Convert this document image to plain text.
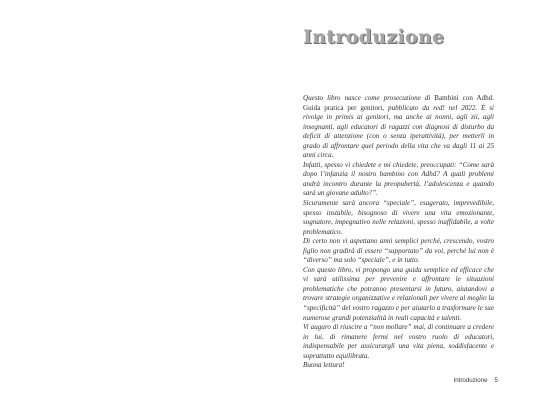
Introduzione

Questo libro nasce come prosecuzione di Bambini con Adhd. Guida pratica per genitori, pubblicato da red! nel 2022. È si rivolge in primis ai genitori, ma anche ai nonni, agli zii, agli insegnanti, agli educatori di ragazzi con diagnosi di disturbo da deficit di attenzione (con o senza iperattività), per metterli in grado di affrontare quel periodo della vita che va dagli 11 ai 25 anni circa.

Infatti, spesso vi chiedete e mi chiedete, preoccupati: “Come sarà dopo l’infanzia il nostro bambino con Adhd? A quali problemi andrà incontro durante la preopubertà, l’adolescenza e quando sarà un giovane adulto?”.

Sicuramente sarà ancora “speciale”, esagerato, imprevedibile, spesso instabile, bisognoso di vivere una vita emozionante, sognatore, impegnativo nelle relazioni, spesso inaffidabile, a volte problematico.

Di certo non vi aspettano anni semplici perché, crescendo, vostro figlio non gradirà di essere “supportato” da voi, perché lui non è “diverso” ma solo “speciale”, e in tutto.

Con questo libro, vi propongo una guida semplice ed efficace che vi sarà utilissima per prevenire e affrontare le situazioni problematiche che potranno presentarsi in futuro, aiutandovi a trovare strategie organizzative e relazionali per vivere al meglio la “specificità” del vostro ragazzo e per aiutarlo a trasformare le sue numerose grandi potenzialità in reali capacità e talenti.

Vi auguro di riuscire a “non mollare” mai, di continuare a credere in lui, di rimanere fermi nel vostro ruolo di educatori, indispensabile per assicurargli una vita piena, soddisfacente e soprattutto equilibrata.

Buona lettura!

Introduzione 5
